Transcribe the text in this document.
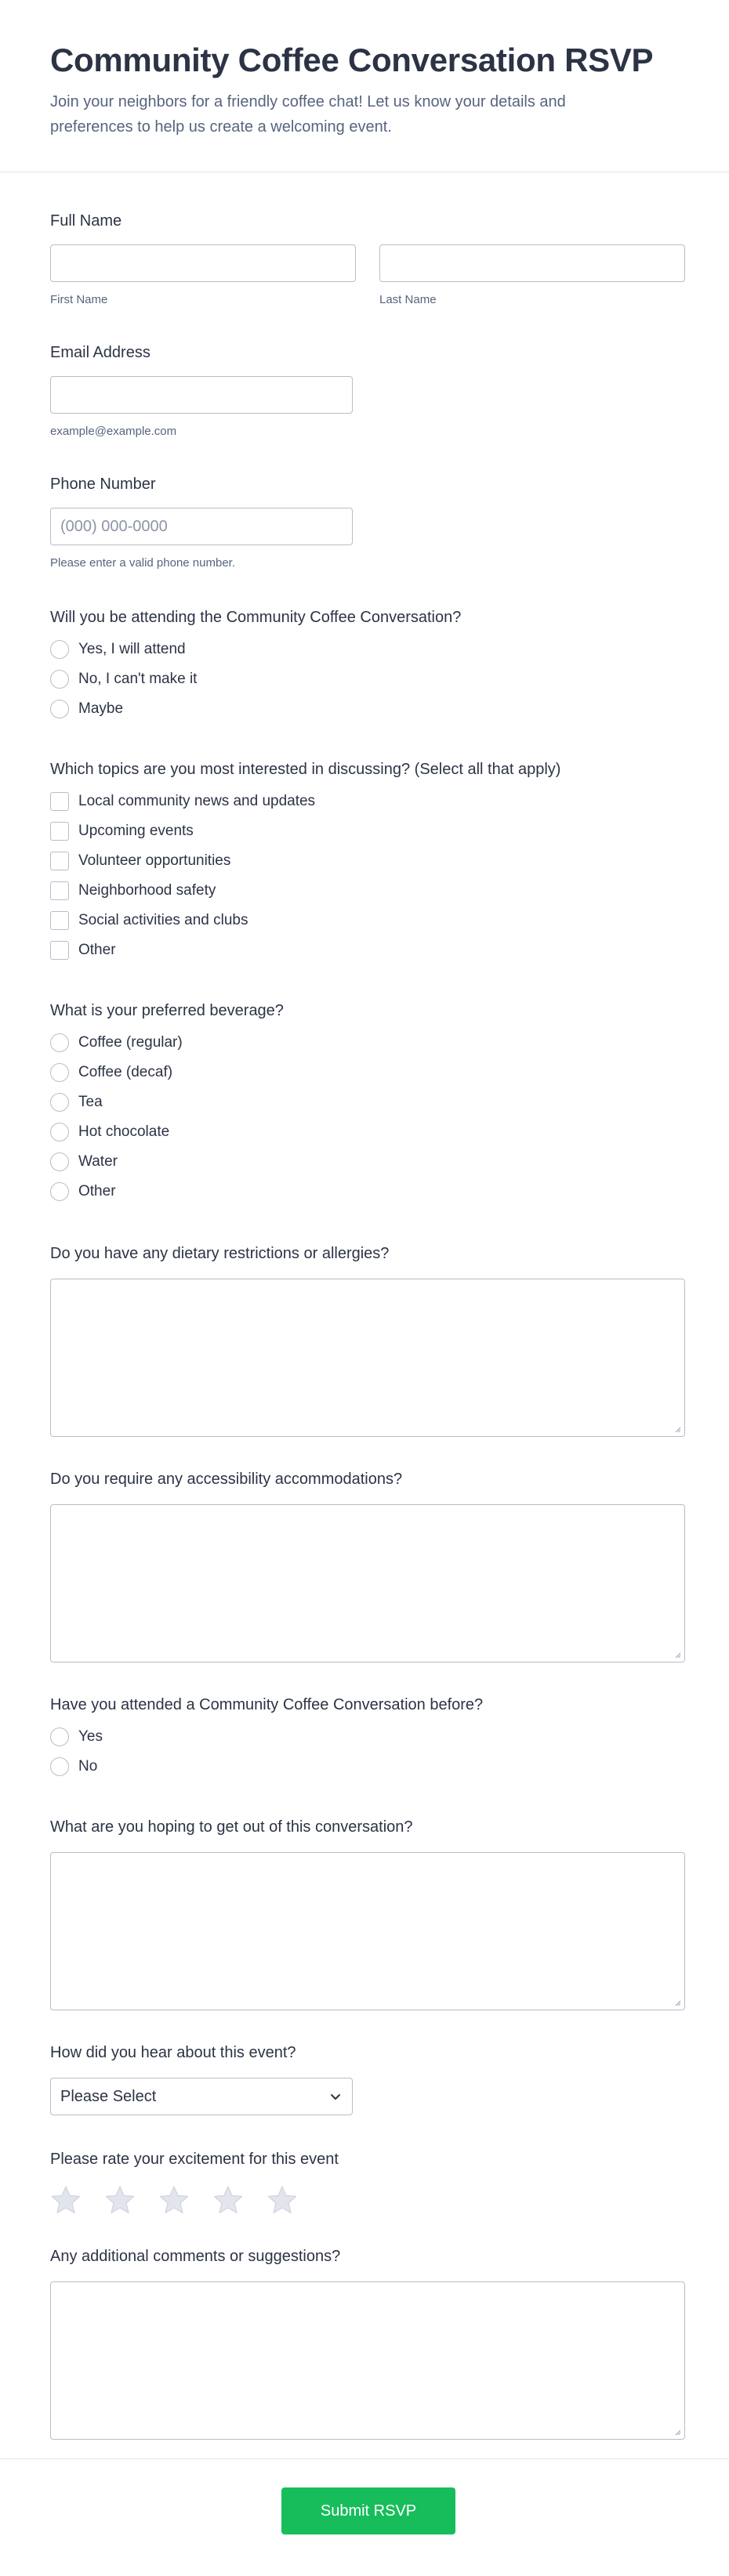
Community Coffee Conversation RSVP
Join your neighbors for a friendly coffee chat! Let us know your details and preferences to help us create a welcoming event.
Full Name
First Name	Last Name
Email Address
example@example.com
Phone Number
(000) 000-0000
Please enter a valid phone number.
Will you be attending the Community Coffee Conversation?
Yes, I will attend
No, I can't make it
Maybe
Which topics are you most interested in discussing? (Select all that apply)
Local community news and updates
Upcoming events
Volunteer opportunities
Neighborhood safety
Social activities and clubs
Other
What is your preferred beverage?
Coffee (regular)
Coffee (decaf)
Tea
Hot chocolate
Water
Other
Do you have any dietary restrictions or allergies?
Do you require any accessibility accommodations?
Have you attended a Community Coffee Conversation before?
Yes
No
What are you hoping to get out of this conversation?
How did you hear about this event?
Please Select
Please rate your excitement for this event
Any additional comments or suggestions?
Submit RSVP
